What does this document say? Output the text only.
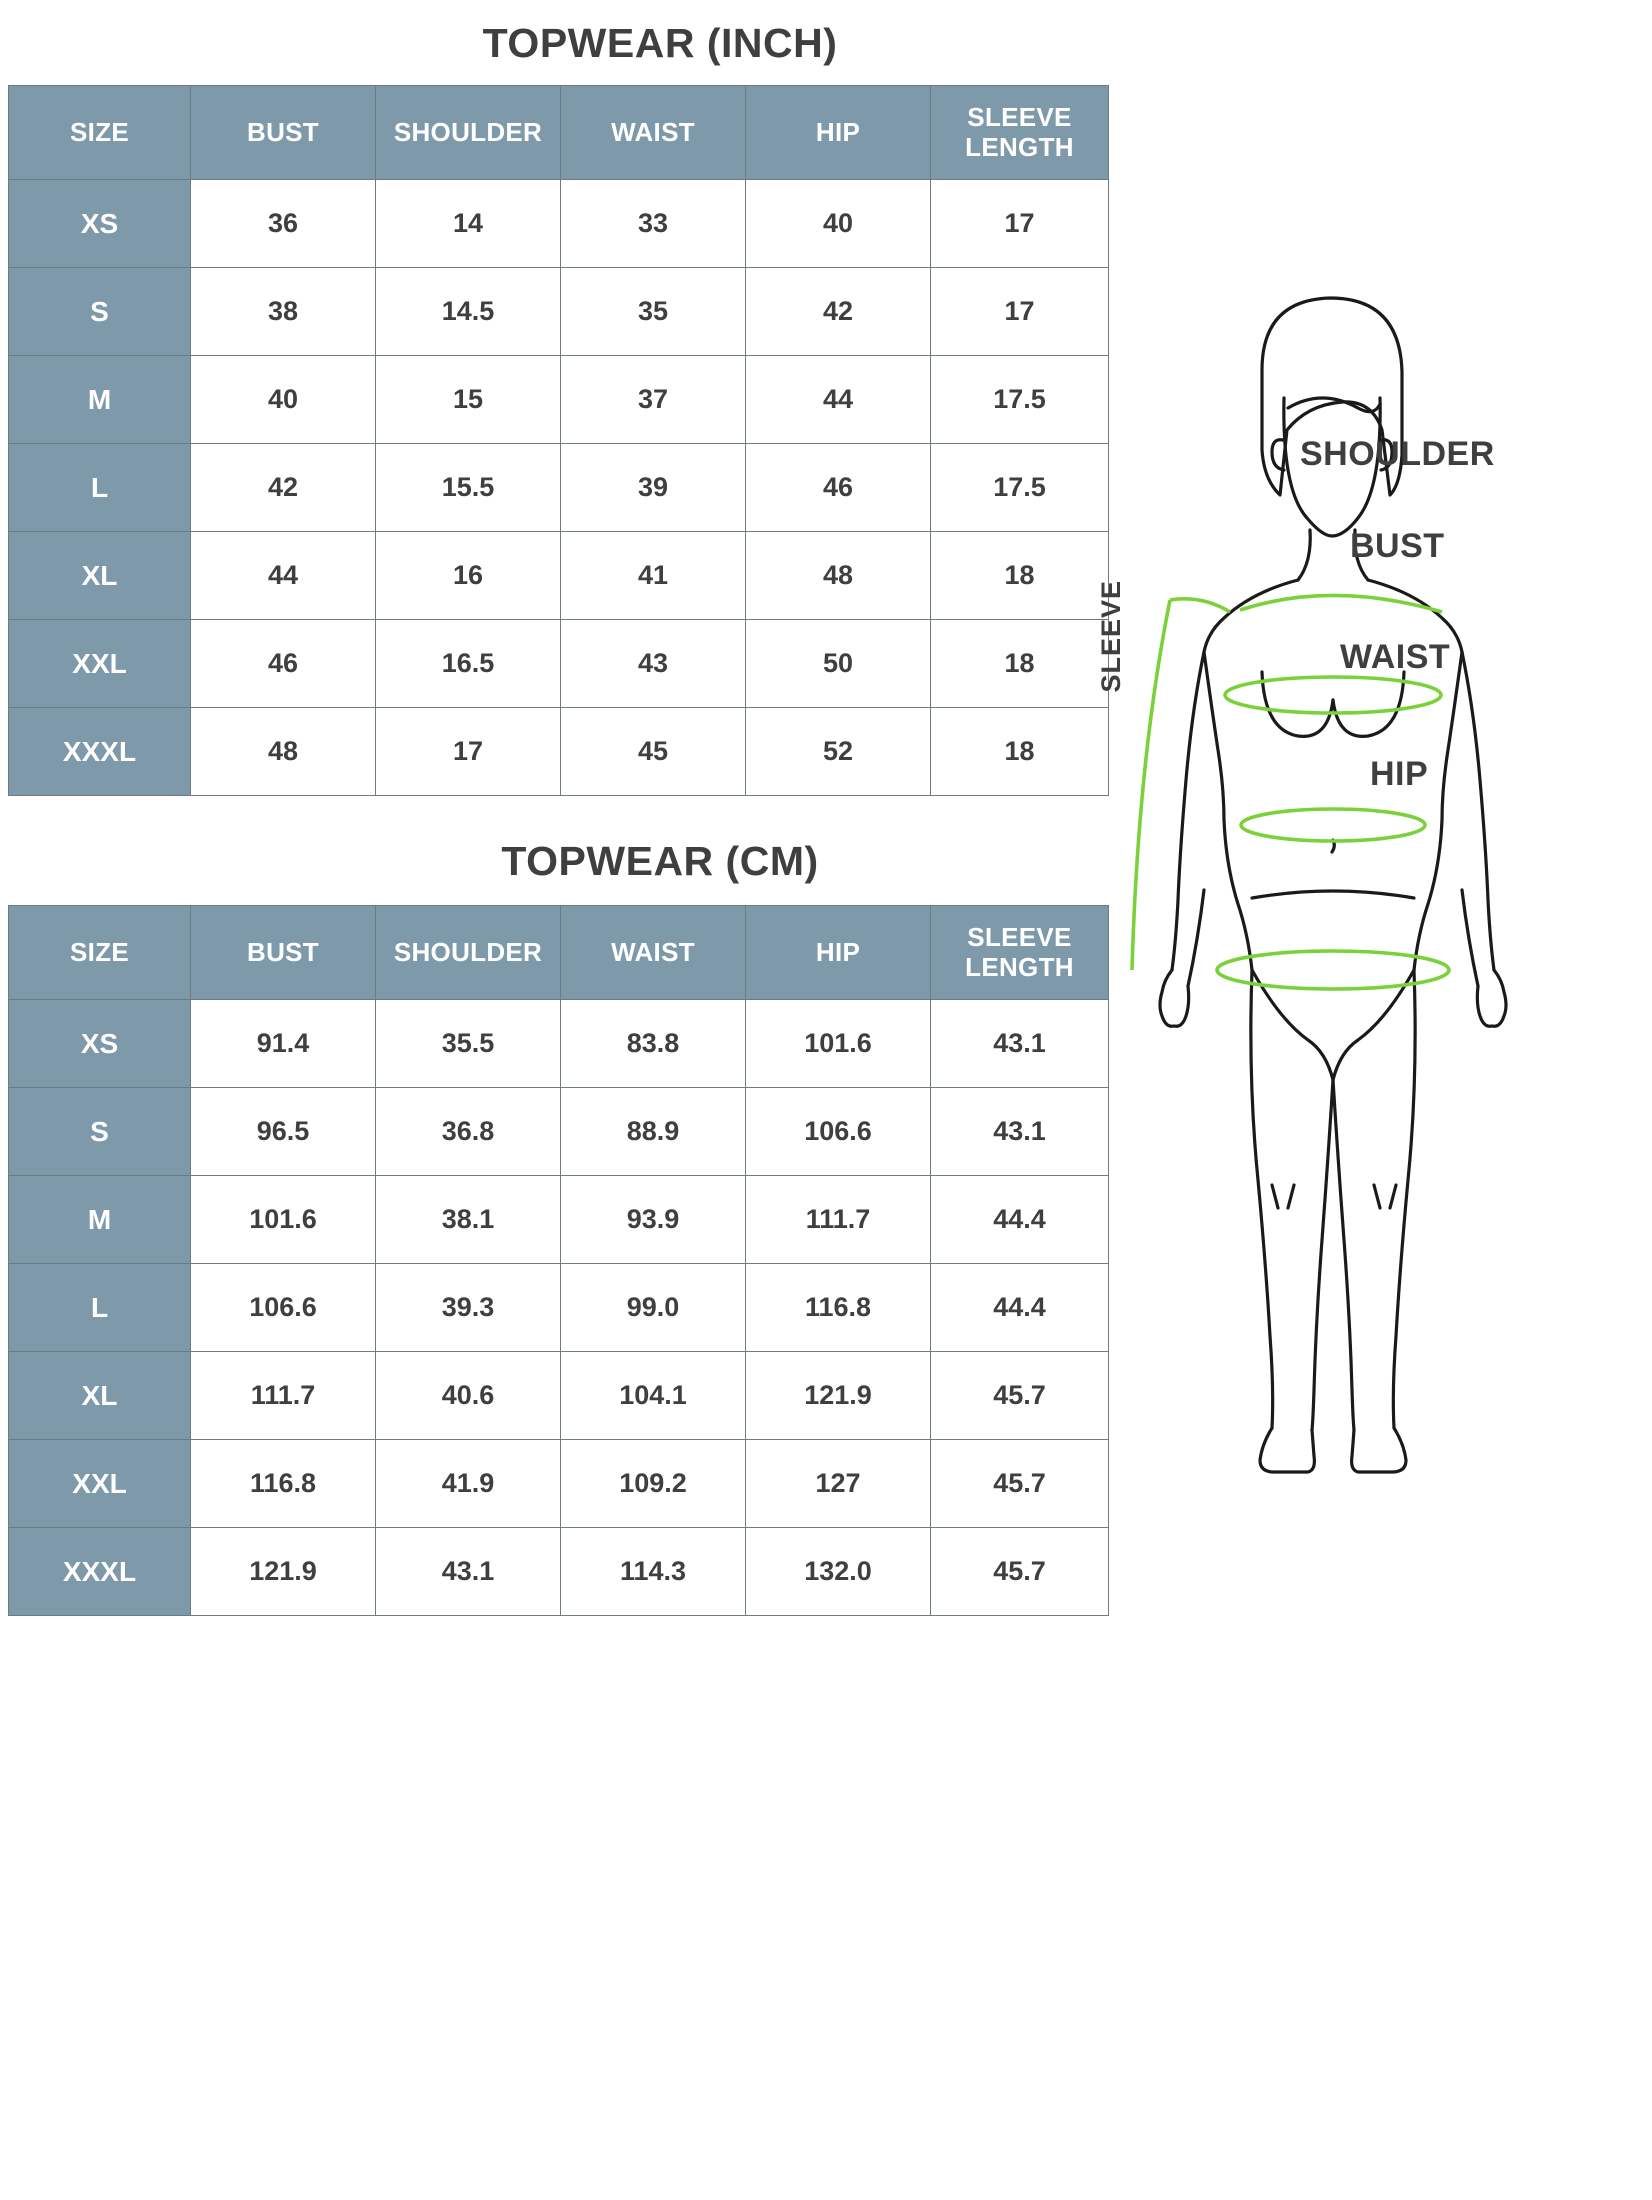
TOPWEAR (INCH)
SIZE	BUST	SHOULDER	WAIST	HIP	SLEEVE LENGTH
XS	36	14	33	40	17
S	38	14.5	35	42	17
M	40	15	37	44	17.5
L	42	15.5	39	46	17.5
XL	44	16	41	48	18
XXL	46	16.5	43	50	18
XXXL	48	17	45	52	18
TOPWEAR (CM)
SIZE	BUST	SHOULDER	WAIST	HIP	SLEEVE LENGTH
XS	91.4	35.5	83.8	101.6	43.1
S	96.5	36.8	88.9	106.6	43.1
M	101.6	38.1	93.9	111.7	44.4
L	106.6	39.3	99.0	116.8	44.4
XL	111.7	40.6	104.1	121.9	45.7
XXL	116.8	41.9	109.2	127	45.7
XXXL	121.9	43.1	114.3	132.0	45.7
SHOULDER
BUST
WAIST
HIP
SLEEVE
